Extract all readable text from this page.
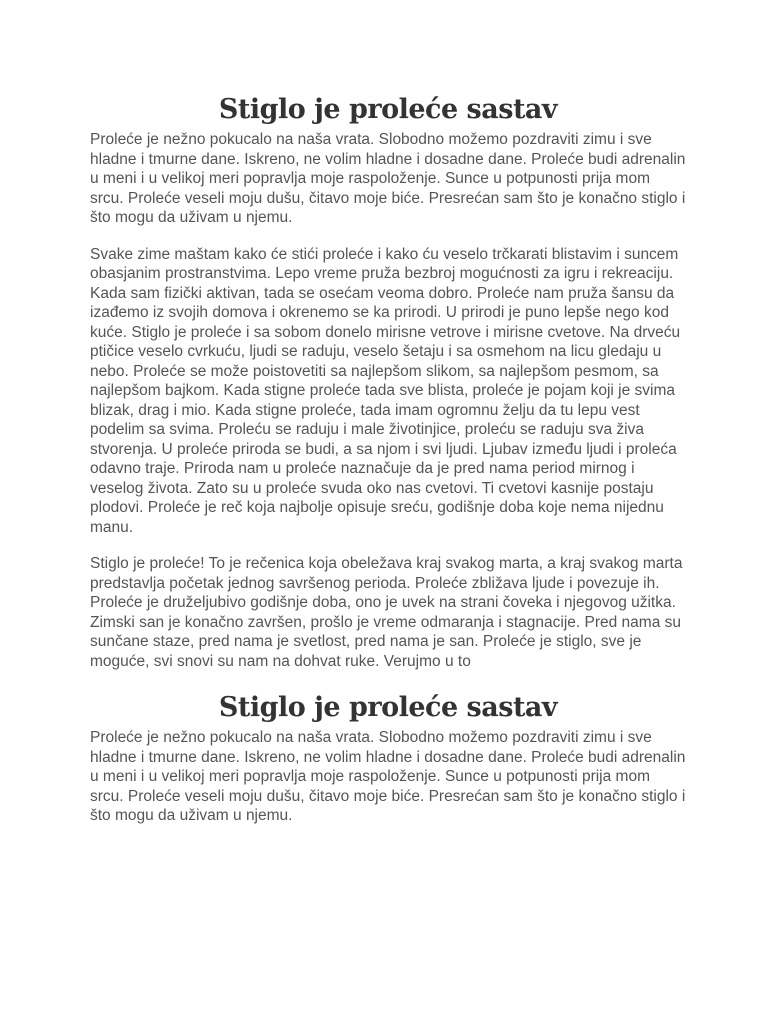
Stiglo je proleće sastav

Proleće je nežno pokucalo na naša vrata. Slobodno možemo pozdraviti zimu i sve hladne i tmurne dane. Iskreno, ne volim hladne i dosadne dane. Proleće budi adrenalin u meni i u velikoj meri popravlja moje raspoloženje. Sunce u potpunosti prija mom srcu. Proleće veseli moju dušu, čitavo moje biće. Presrećan sam što je konačno stiglo i što mogu da uživam u njemu.

Svake zime maštam kako će stići proleće i kako ću veselo trčkarati blistavim i suncem obasjanim prostranstvima. Lepo vreme pruža bezbroj mogućnosti za igru i rekreaciju. Kada sam fizički aktivan, tada se osećam veoma dobro. Proleće nam pruža šansu da izađemo iz svojih domova i okrenemo se ka prirodi. U prirodi je puno lepše nego kod kuće. Stiglo je proleće i sa sobom donelo mirisne vetrove i mirisne cvetove. Na drveću ptičice veselo cvrkuću, ljudi se raduju, veselo šetaju i sa osmehom na licu gledaju u nebo. Proleće se može poistovetiti sa najlepšom slikom, sa najlepšom pesmom, sa najlepšom bajkom. Kada stigne proleće tada sve blista, proleće je pojam koji je svima blizak, drag i mio. Kada stigne proleće, tada imam ogromnu želju da tu lepu vest podelim sa svima. Proleću se raduju i male životinjice, proleću se raduju sva živa stvorenja. U proleće priroda se budi, a sa njom i svi ljudi. Ljubav između ljudi i proleća odavno traje. Priroda nam u proleće naznačuje da je pred nama period mirnog i veselog života. Zato su u proleće svuda oko nas cvetovi. Ti cvetovi kasnije postaju plodovi. Proleće je reč koja najbolje opisuje sreću, godišnje doba koje nema nijednu manu.

Stiglo je proleće! To je rečenica koja obeležava kraj svakog marta, a kraj svakog marta predstavlja početak jednog savršenog perioda. Proleće zbližava ljude i povezuje ih. Proleće je druželjubivo godišnje doba, ono je uvek na strani čoveka i njegovog užitka. Zimski san je konačno završen, prošlo je vreme odmaranja i stagnacije. Pred nama su sunčane staze, pred nama je svetlost, pred nama je san. Proleće je stiglo, sve je moguće, svi snovi su nam na dohvat ruke. Verujmo u to

Stiglo je proleće sastav

Proleće je nežno pokucalo na naša vrata. Slobodno možemo pozdraviti zimu i sve hladne i tmurne dane. Iskreno, ne volim hladne i dosadne dane. Proleće budi adrenalin u meni i u velikoj meri popravlja moje raspoloženje. Sunce u potpunosti prija mom srcu. Proleće veseli moju dušu, čitavo moje biće. Presrećan sam što je konačno stiglo i što mogu da uživam u njemu.
